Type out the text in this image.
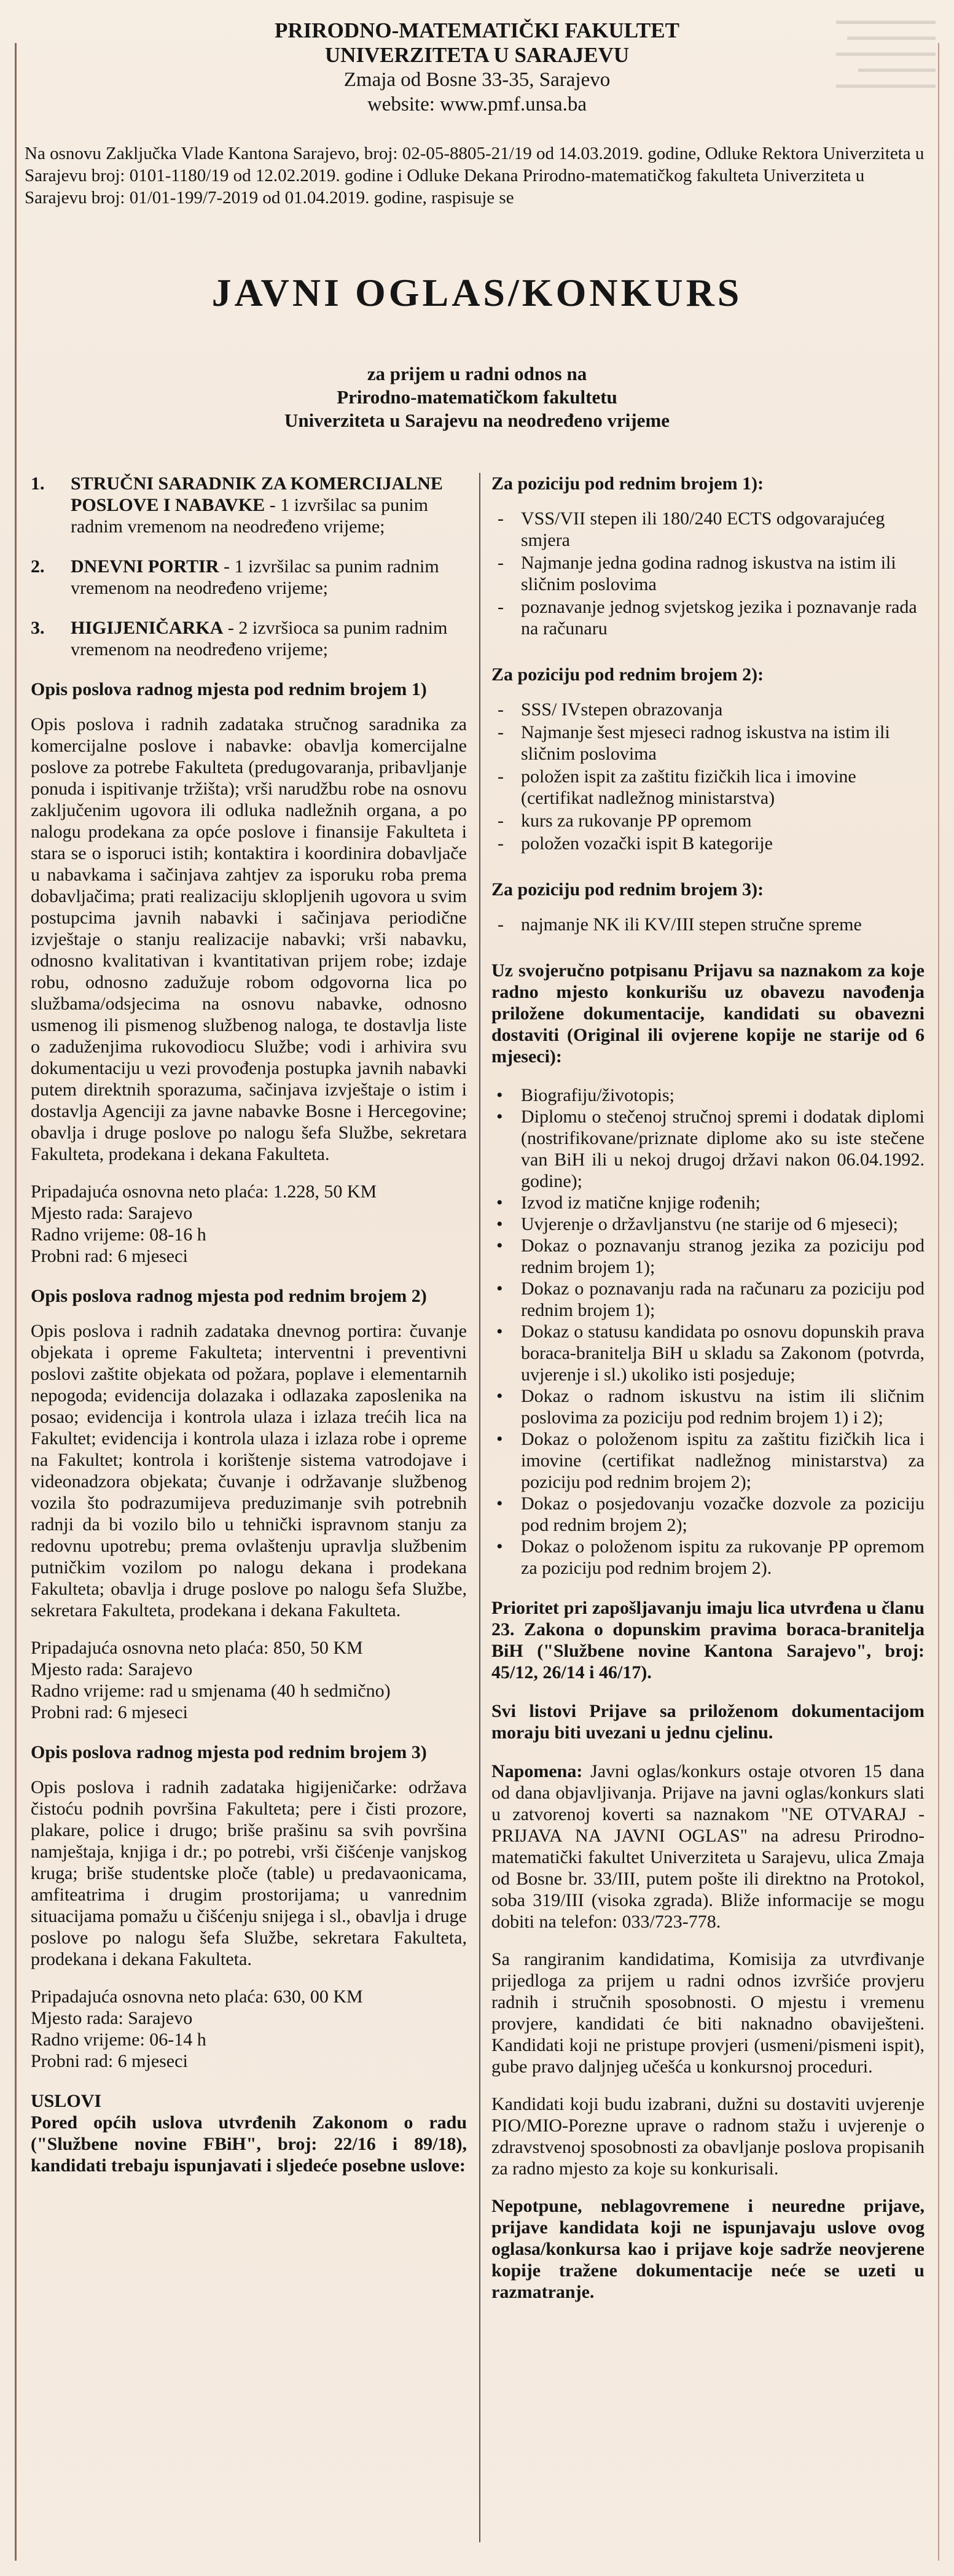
▬▬▬▬▬▬▬▬▬
▬▬▬▬▬▬▬▬
▬▬▬▬▬▬▬▬▬
▬▬▬▬▬▬▬
▬▬▬▬▬▬▬▬▬
PRIRODNO-MATEMATIČKI FAKULTET
UNIVERZITETA U SARAJEVU
Zmaja od Bosne 33-35, Sarajevo
website: www.pmf.unsa.ba
Na osnovu Zaključka Vlade Kantona Sarajevo, broj: 02-05-8805-21/19 od 14.03.2019. godine, Odluke Rektora Univerziteta u Sarajevu broj: 0101-1180/19 od 12.02.2019. godine i Odluke Dekana Prirodno-matematičkog fakulteta Univerziteta u Sarajevu broj: 01/01-199/7-2019 od 01.04.2019. godine, raspisuje se
JAVNI OGLAS/KONKURS
za prijem u radni odnos na
Prirodno-matematičkom fakultetu
Univerziteta u Sarajevu na neodređeno vrijeme
1.	STRUČNI SARADNIK ZA KOMERCIJALNE POSLOVE I NABAVKE - 1 izvršilac sa punim radnim vremenom na neodređeno vrijeme;
2.	DNEVNI PORTIR - 1 izvršilac sa punim radnim vremenom na neodređeno vrijeme;
3.	HIGIJENIČARKA - 2 izvršioca sa punim radnim vremenom na neodređeno vrijeme;
Opis poslova radnog mjesta pod rednim brojem 1)
Opis poslova i radnih zadataka stručnog saradnika za komercijalne poslove i nabavke: obavlja komercijalne poslove za potrebe Fakulteta (predugovaranja, pribavljanje ponuda i ispitivanje tržišta); vrši narudžbu robe na osnovu zaključenim ugovora ili odluka nadležnih organa, a po nalogu prodekana za opće poslove i finansije Fakulteta i stara se o isporuci istih; kontaktira i koordinira dobavljače u nabavkama i sačinjava zahtjev za isporuku roba prema dobavljačima; prati realizaciju sklopljenih ugovora u svim postupcima javnih nabavki i sačinjava periodične izvještaje o stanju realizacije nabavki; vrši nabavku, odnosno kvalitativan i kvantitativan prijem robe; izdaje robu, odnosno zadužuje robom odgovorna lica po službama/odsjecima na osnovu nabavke, odnosno usmenog ili pismenog službenog naloga, te dostavlja liste o zaduženjima rukovodiocu Službe; vodi i arhivira svu dokumentaciju u vezi provođenja postupka javnih nabavki putem direktnih sporazuma, sačinjava izvještaje o istim i dostavlja Agenciji za javne nabavke Bosne i Hercegovine; obavlja i druge poslove po nalogu šefa Službe, sekretara Fakulteta, prodekana i dekana Fakulteta.
Pripadajuća osnovna neto plaća: 1.228, 50 KM
Mjesto rada: Sarajevo
Radno vrijeme: 08-16 h
Probni rad: 6 mjeseci
Opis poslova radnog mjesta pod rednim brojem 2)
Opis poslova i radnih zadataka dnevnog portira: čuvanje objekata i opreme Fakulteta; interventni i preventivni poslovi zaštite objekata od požara, poplave i elementarnih nepogoda; evidencija dolazaka i odlazaka zaposlenika na posao; evidencija i kontrola ulaza i izlaza trećih lica na Fakultet; evidencija i kontrola ulaza i izlaza robe i opreme na Fakultet; kontrola i korištenje sistema vatrodojave i videonadzora objekata; čuvanje i održavanje službenog vozila što podrazumijeva preduzimanje svih potrebnih radnji da bi vozilo bilo u tehnički ispravnom stanju za redovnu upotrebu; prema ovlaštenju upravlja službenim putničkim vozilom po nalogu dekana i prodekana Fakulteta; obavlja i druge poslove po nalogu šefa Službe, sekretara Fakulteta, prodekana i dekana Fakulteta.
Pripadajuća osnovna neto plaća: 850, 50 KM
Mjesto rada: Sarajevo
Radno vrijeme: rad u smjenama (40 h sedmično)
Probni rad: 6 mjeseci
Opis poslova radnog mjesta pod rednim brojem 3)
Opis poslova i radnih zadataka higijeničarke: održava čistoću podnih površina Fakulteta; pere i čisti prozore, plakare, police i drugo; briše prašinu sa svih površina namještaja, knjiga i dr.; po potrebi, vrši čišćenje vanjskog kruga; briše studentske ploče (table) u predavaonicama, amfiteatrima i drugim prostorijama; u vanrednim situacijama pomažu u čišćenju snijega i sl., obavlja i druge poslove po nalogu šefa Službe, sekretara Fakulteta, prodekana i dekana Fakulteta.
Pripadajuća osnovna neto plaća: 630, 00 KM
Mjesto rada: Sarajevo
Radno vrijeme: 06-14 h
Probni rad: 6 mjeseci
USLOVI
Pored općih uslova utvrđenih Zakonom o radu ("Službene novine FBiH", broj: 22/16 i 89/18), kandidati trebaju ispunjavati i sljedeće posebne uslove:
Za poziciju pod rednim brojem 1):
- VSS/VII stepen ili 180/240 ECTS odgovarajućeg smjera
- Najmanje jedna godina radnog iskustva na istim ili sličnim poslovima
- poznavanje jednog svjetskog jezika i poznavanje rada na računaru
Za poziciju pod rednim brojem 2):
- SSS/ IVstepen obrazovanja
- Najmanje šest mjeseci radnog iskustva na istim ili sličnim poslovima
- položen ispit za zaštitu fizičkih lica i imovine (certifikat nadležnog ministarstva)
- kurs za rukovanje PP opremom
- položen vozački ispit B kategorije
Za poziciju pod rednim brojem 3):
- najmanje NK ili KV/III stepen stručne spreme
Uz svojeručno potpisanu Prijavu sa naznakom za koje radno mjesto konkurišu uz obavezu navođenja priložene dokumentacije, kandidati su obavezni dostaviti (Original ili ovjerene kopije ne starije od 6 mjeseci):
• Biografiju/životopis;
• Diplomu o stečenoj stručnoj spremi i dodatak diplomi (nostrifikovane/priznate diplome ako su iste stečene van BiH ili u nekoj drugoj državi nakon 06.04.1992. godine);
• Izvod iz matične knjige rođenih;
• Uvjerenje o državljanstvu (ne starije od 6 mjeseci);
• Dokaz o poznavanju stranog jezika za poziciju pod rednim brojem 1);
• Dokaz o poznavanju rada na računaru za poziciju pod rednim brojem 1);
• Dokaz o statusu kandidata po osnovu dopunskih prava boraca-branitelja BiH u skladu sa Zakonom (potvrda, uvjerenje i sl.) ukoliko isti posjeduje;
• Dokaz o radnom iskustvu na istim ili sličnim poslovima za poziciju pod rednim brojem 1) i 2);
• Dokaz o položenom ispitu za zaštitu fizičkih lica i imovine (certifikat nadležnog ministarstva) za poziciju pod rednim brojem 2);
• Dokaz o posjedovanju vozačke dozvole za poziciju pod rednim brojem 2);
• Dokaz o položenom ispitu za rukovanje PP opremom za poziciju pod rednim brojem 2).
Prioritet pri zapošljavanju imaju lica utvrđena u članu 23. Zakona o dopunskim pravima boraca-branitelja BiH ("Službene novine Kantona Sarajevo", broj: 45/12, 26/14 i 46/17).
Svi listovi Prijave sa priloženom dokumentacijom moraju biti uvezani u jednu cjelinu.
Napomena: Javni oglas/konkurs ostaje otvoren 15 dana od dana objavljivanja. Prijave na javni oglas/konkurs slati u zatvorenoj koverti sa naznakom "NE OTVARAJ - PRIJAVA NA JAVNI OGLAS" na adresu Prirodno-matematički fakultet Univerziteta u Sarajevu, ulica Zmaja od Bosne br. 33/III, putem pošte ili direktno na Protokol, soba 319/III (visoka zgrada). Bliže informacije se mogu dobiti na telefon: 033/723-778.
Sa rangiranim kandidatima, Komisija za utvrđivanje prijedloga za prijem u radni odnos izvršiće provjeru radnih i stručnih sposobnosti. O mjestu i vremenu provjere, kandidati će biti naknadno obaviješteni. Kandidati koji ne pristupe provjeri (usmeni/pismeni ispit), gube pravo daljnjeg učešća u konkursnoj proceduri.
Kandidati koji budu izabrani, dužni su dostaviti uvjerenje PIO/MIO-Porezne uprave o radnom stažu i uvjerenje o zdravstvenoj sposobnosti za obavljanje poslova propisanih za radno mjesto za koje su konkurisali.
Nepotpune, neblagovremene i neuredne prijave, prijave kandidata koji ne ispunjavaju uslove ovog oglasa/konkursa kao i prijave koje sadrže neovjerene kopije tražene dokumentacije neće se uzeti u razmatranje.
